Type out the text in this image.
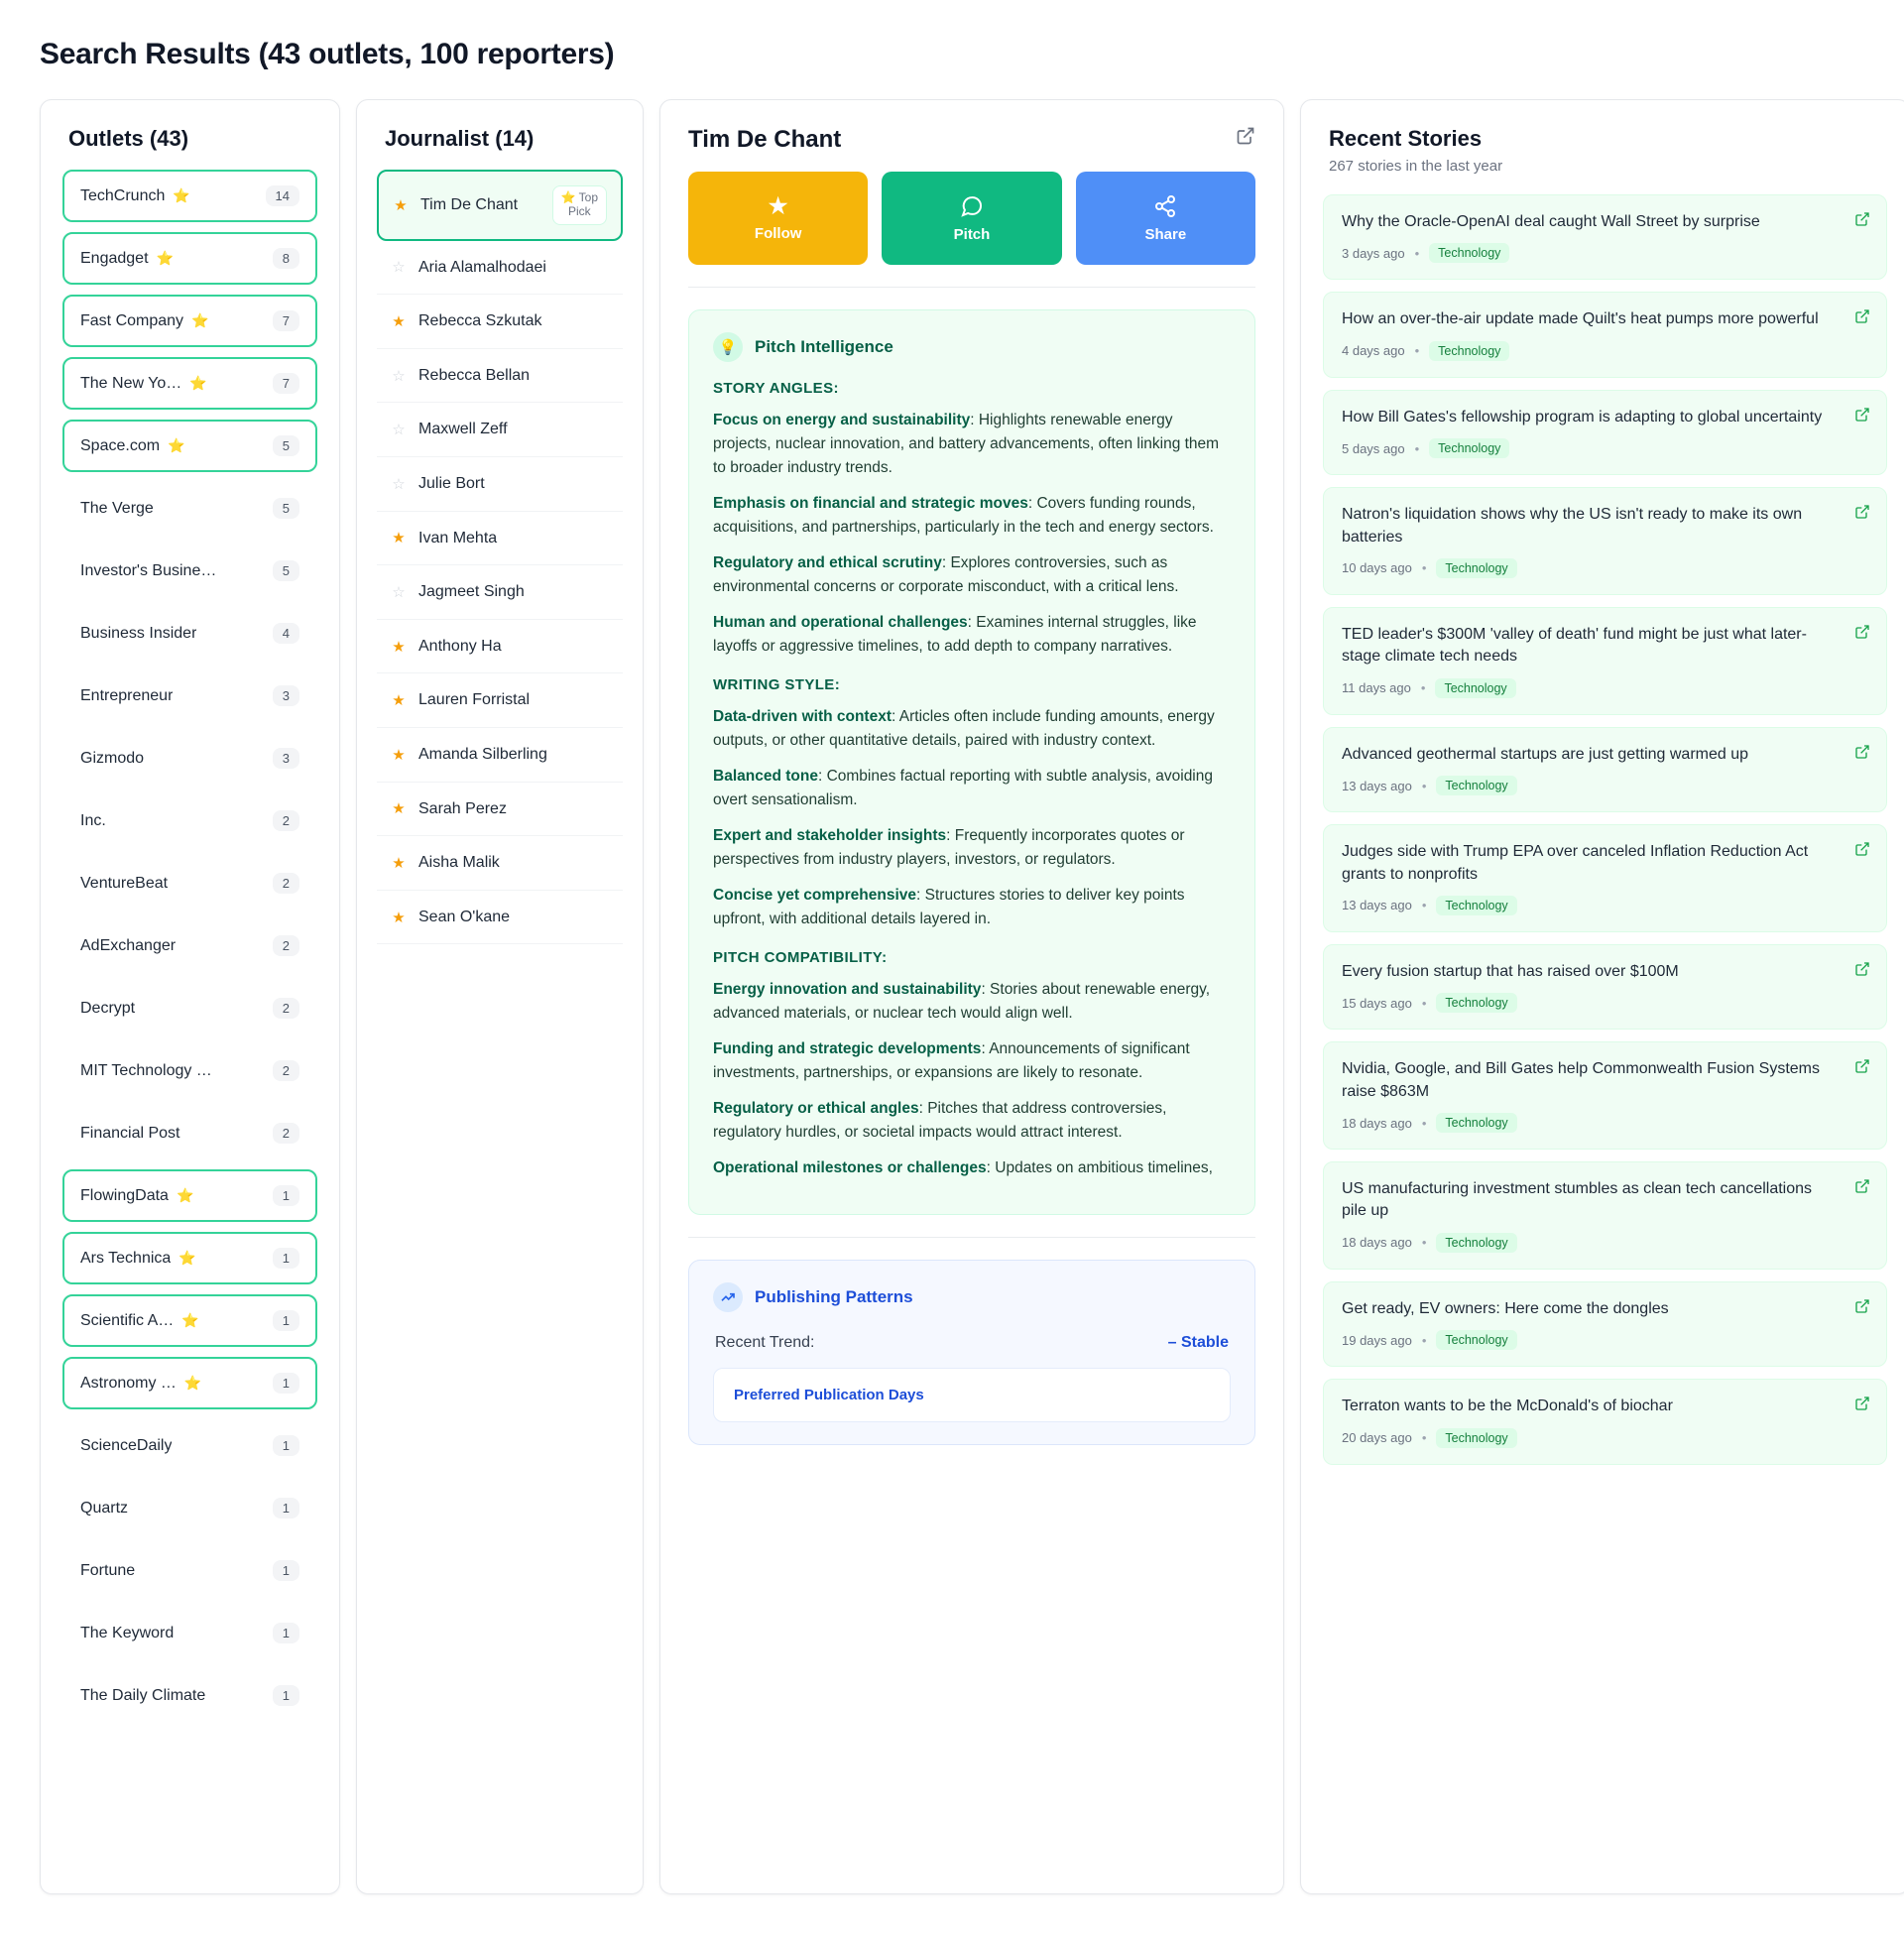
Search Results (43 outlets, 100 reporters)
Outlets (43)
TechCrunch ⭐	14
Engadget ⭐	8
Fast Company ⭐	7
The New Yo… ⭐	7
Space.com ⭐	5
The Verge	5
Investor's Busine…	5
Business Insider	4
Entrepreneur	3
Gizmodo	3
Inc.	2
VentureBeat	2
AdExchanger	2
Decrypt	2
MIT Technology …	2
Financial Post	2
FlowingData ⭐	1
Ars Technica ⭐	1
Scientific A… ⭐	1
Astronomy … ⭐	1
ScienceDaily	1
Quartz	1
Fortune	1
The Keyword	1
The Daily Climate	1
Journalist (14)
★ Tim De Chant	⭐ Top
Pick
☆ Aria Alamalhodaei
★ Rebecca Szkutak
☆ Rebecca Bellan
☆ Maxwell Zeff
☆ Julie Bort
★ Ivan Mehta
☆ Jagmeet Singh
★ Anthony Ha
★ Lauren Forristal
★ Amanda Silberling
★ Sarah Perez
★ Aisha Malik
★ Sean O'kane
Tim De Chant
★
Follow	Pitch	Share
💡	Pitch Intelligence
STORY ANGLES:
Focus on energy and sustainability: Highlights renewable energy projects, nuclear innovation, and battery advancements, often linking them to broader industry trends.
Emphasis on financial and strategic moves: Covers funding rounds, acquisitions, and partnerships, particularly in the tech and energy sectors.
Regulatory and ethical scrutiny: Explores controversies, such as environmental concerns or corporate misconduct, with a critical lens.
Human and operational challenges: Examines internal struggles, like layoffs or aggressive timelines, to add depth to company narratives.
WRITING STYLE:
Data-driven with context: Articles often include funding amounts, energy outputs, or other quantitative details, paired with industry context.
Balanced tone: Combines factual reporting with subtle analysis, avoiding overt sensationalism.
Expert and stakeholder insights: Frequently incorporates quotes or perspectives from industry players, investors, or regulators.
Concise yet comprehensive: Structures stories to deliver key points upfront, with additional details layered in.
PITCH COMPATIBILITY:
Energy innovation and sustainability: Stories about renewable energy, advanced materials, or nuclear tech would align well.
Funding and strategic developments: Announcements of significant investments, partnerships, or expansions are likely to resonate.
Regulatory or ethical angles: Pitches that address controversies, regulatory hurdles, or societal impacts would attract interest.
Operational milestones or challenges: Updates on ambitious timelines,
Publishing Patterns
Recent Trend:	– Stable
Preferred Publication Days
Recent Stories
267 stories in the last year
Why the Oracle-OpenAI deal caught Wall Street by surprise
3 days ago •	Technology
How an over-the-air update made Quilt's heat pumps more powerful
4 days ago •	Technology
How Bill Gates's fellowship program is adapting to global uncertainty
5 days ago •	Technology
Natron's liquidation shows why the US isn't ready to make its own batteries
10 days ago •	Technology
TED leader's $300M 'valley of death' fund might be just what later-stage climate tech needs
11 days ago •	Technology
Advanced geothermal startups are just getting warmed up
13 days ago •	Technology
Judges side with Trump EPA over canceled Inflation Reduction Act grants to nonprofits
13 days ago •	Technology
Every fusion startup that has raised over $100M
15 days ago •	Technology
Nvidia, Google, and Bill Gates help Commonwealth Fusion Systems raise $863M
18 days ago •	Technology
US manufacturing investment stumbles as clean tech cancellations pile up
18 days ago •	Technology
Get ready, EV owners: Here come the dongles
19 days ago •	Technology
Terraton wants to be the McDonald's of biochar
20 days ago •	Technology
